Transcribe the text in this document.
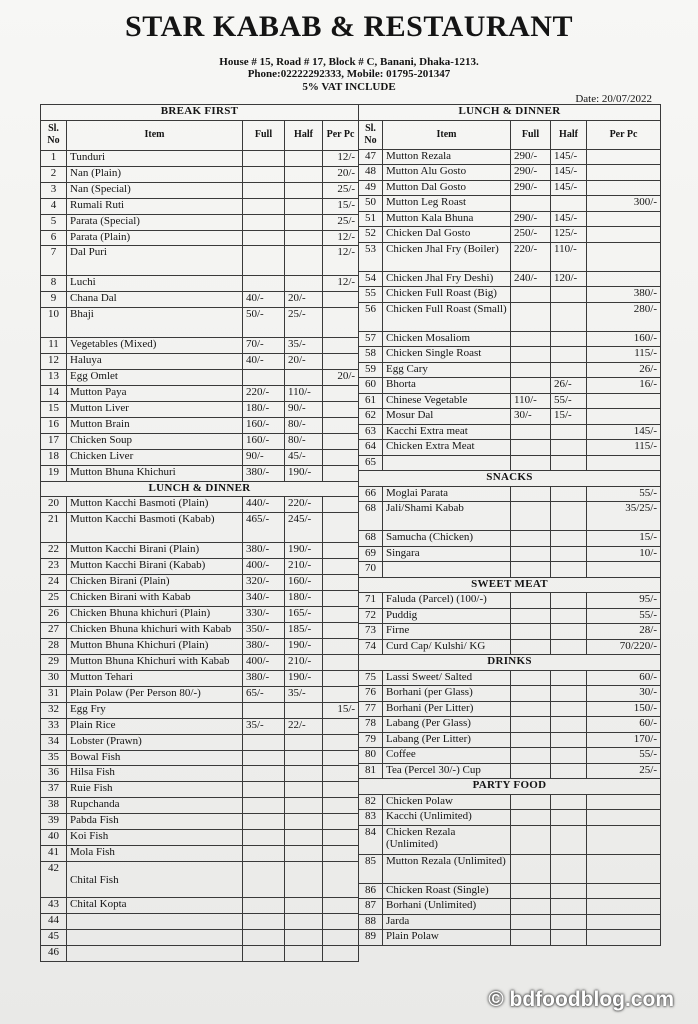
STAR KABAB & RESTAURANT
House # 15, Road # 17, Block # C, Banani, Dhaka-1213.
Phone:02222292333, Mobile: 01795-201347
5% VAT INCLUDE
Date: 20/07/2022
BREAK FIRST				
Sl. No	Item	Full	Half	Per Pc
1	Tunduri			12/-
2	Nan (Plain)			20/-
3	Nan (Special)			25/-
4	Rumali Ruti			15/-
5	Parata (Special)			25/-
6	Parata (Plain)			12/-
7	Dal Puri			12/-
8	Luchi			12/-
9	Chana Dal	40/-	20/-	
10	Bhaji	50/-	25/-	
11	Vegetables (Mixed)	70/-	35/-	
12	Haluya	40/-	20/-	
13	Egg Omlet			20/-
14	Mutton Paya	220/-	110/-	
15	Mutton Liver	180/-	90/-	
16	Mutton Brain	160/-	80/-	
17	Chicken Soup	160/-	80/-	
18	Chicken Liver	90/-	45/-	
19	Mutton Bhuna Khichuri	380/-	190/-	
LUNCH & DINNER				
20	Mutton Kacchi Basmoti (Plain)	440/-	220/-	
21	Mutton Kacchi Basmoti (Kabab)	465/-	245/-	
22	Mutton Kacchi Birani (Plain)	380/-	190/-	
23	Mutton Kacchi Birani (Kabab)	400/-	210/-	
24	Chicken Birani (Plain)	320/-	160/-	
25	Chicken Birani with Kabab	340/-	180/-	
26	Chicken Bhuna khichuri (Plain)	330/-	165/-	
27	Chicken Bhuna khichuri with Kabab	350/-	185/-	
28	Mutton Bhuna Khichuri (Plain)	380/-	190/-	
29	Mutton Bhuna Khichuri with Kabab	400/-	210/-	
30	Mutton Tehari	380/-	190/-	
31	Plain Polaw (Per Person 80/-)	65/-	35/-	
32	Egg Fry			15/-
33	Plain Rice	35/-	22/-	
34	Lobster (Prawn)			
35	Bowal Fish			
36	Hilsa Fish			
37	Ruie Fish			
38	Rupchanda			
39	Pabda Fish			
40	Koi Fish			
41	Mola Fish			
42	Chital Fish			
43	Chital Kopta			
44				
45				
46				
LUNCH & DINNER				
Sl. No	Item	Full	Half	Per Pc
47	Mutton Rezala	290/-	145/-	
48	Mutton Alu Gosto	290/-	145/-	
49	Mutton Dal Gosto	290/-	145/-	
50	Mutton Leg Roast			300/-
51	Mutton Kala Bhuna	290/-	145/-	
52	Chicken Dal Gosto	250/-	125/-	
53	Chicken Jhal Fry (Boiler)	220/-	110/-	
54	Chicken Jhal Fry Deshi)	240/-	120/-	
55	Chicken Full Roast (Big)			380/-
56	Chicken Full Roast (Small)			280/-
57	Chicken Mosaliom			160/-
58	Chicken Single Roast			115/-
59	Egg Cary			26/-
60	Bhorta		26/-	16/-
61	Chinese Vegetable	110/-	55/-	
62	Mosur Dal	30/-	15/-	
63	Kacchi Extra meat			145/-
64	Chicken Extra Meat			115/-
65				
SNACKS				
66	Moglai Parata			55/-
68	Jali/Shami Kabab			35/25/-
68	Samucha (Chicken)			15/-
69	Singara			10/-
70				
SWEET MEAT				
71	Faluda (Parcel) (100/-)			95/-
72	Puddig			55/-
73	Firne			28/-
74	Curd Cap/ Kulshi/ KG			70/220/-
DRINKS				
75	Lassi Sweet/ Salted			60/-
76	Borhani (per Glass)			30/-
77	Borhani (Per Litter)			150/-
78	Labang (Per Glass)			60/-
79	Labang (Per Litter)			170/-
80	Coffee			55/-
81	Tea (Percel 30/-) Cup			25/-
PARTY FOOD				
82	Chicken Polaw			
83	Kacchi (Unlimited)			
84	Chicken Rezala (Unlimited)			
85	Mutton Rezala (Unlimited)			
86	Chicken Roast (Single)			
87	Borhani (Unlimited)			
88	Jarda			
89	Plain Polaw			
© bdfoodblog.com
